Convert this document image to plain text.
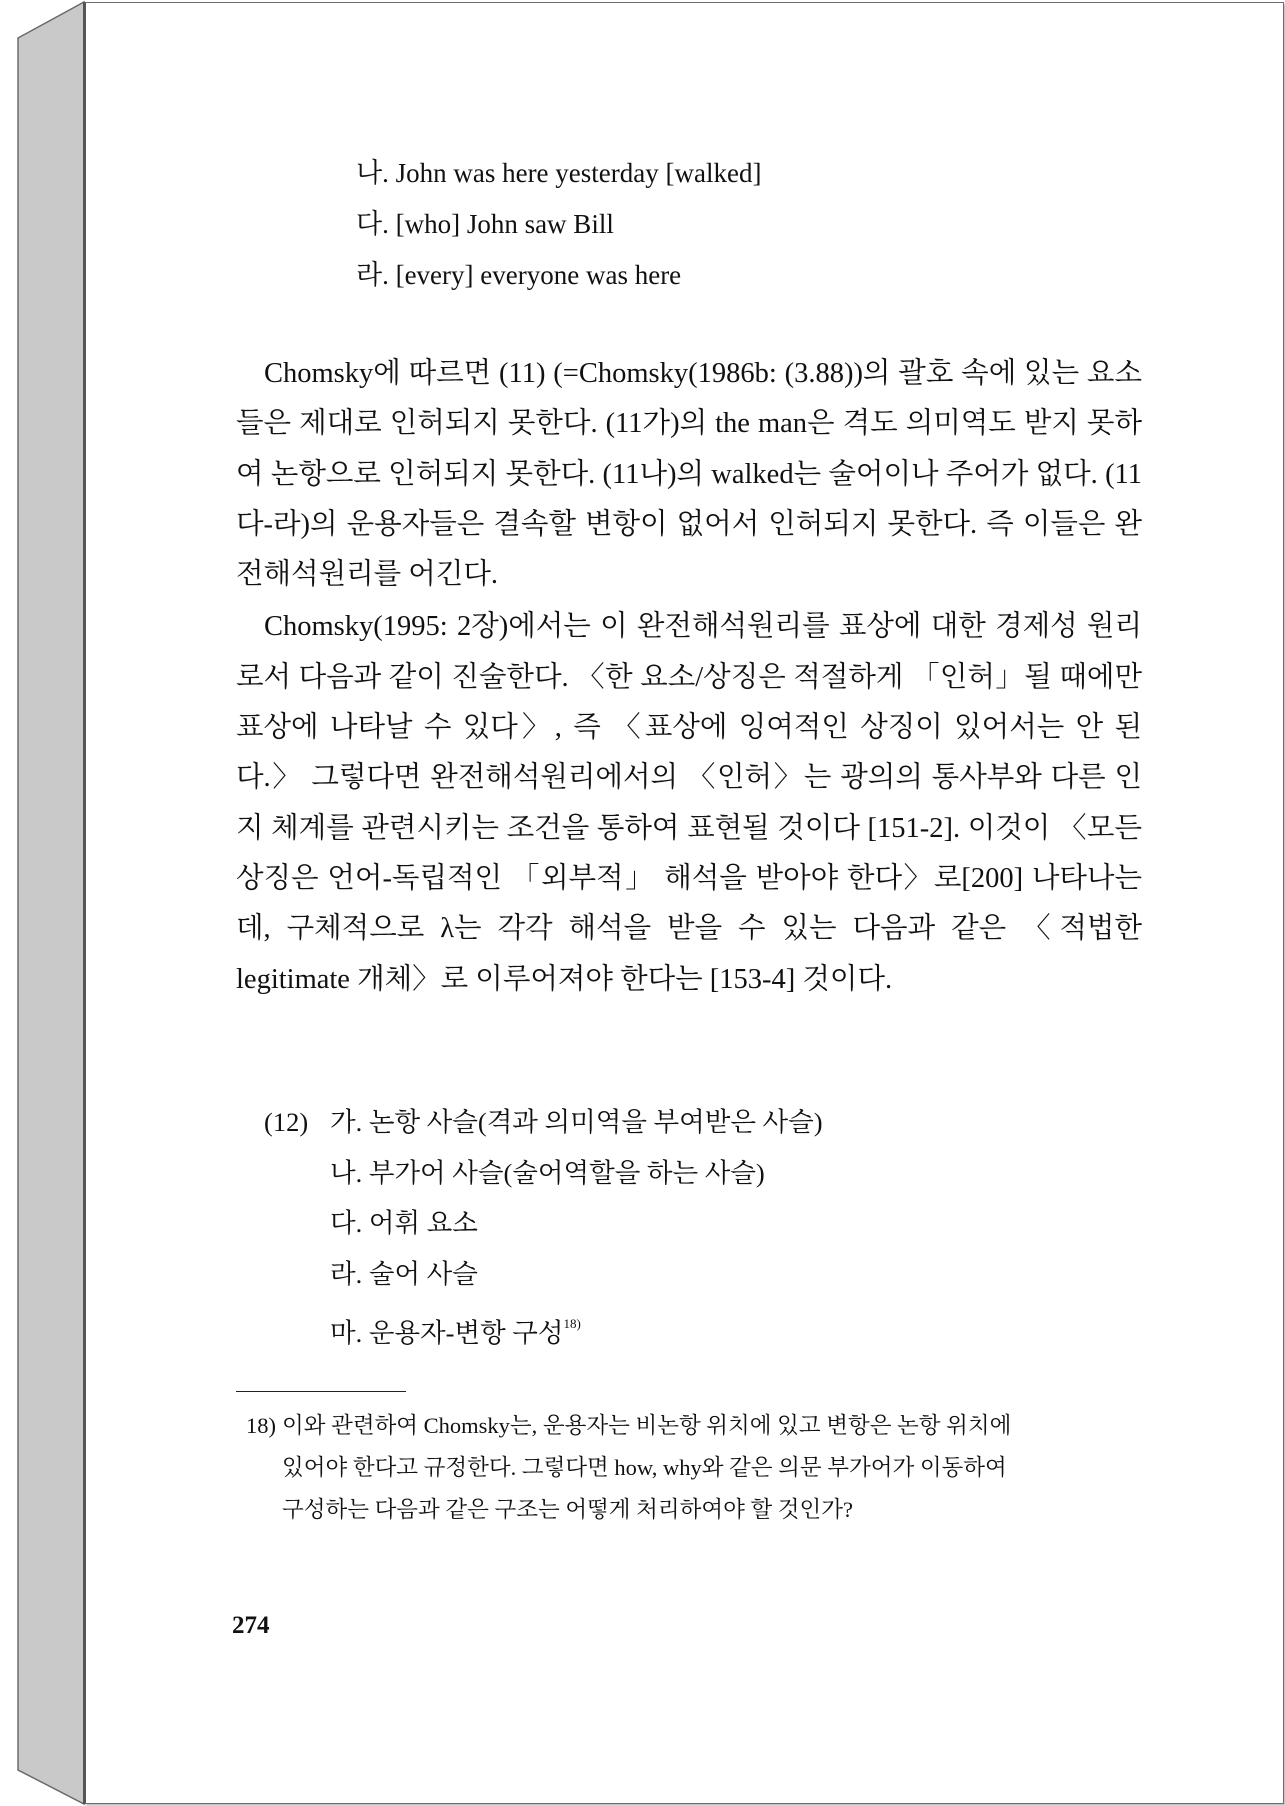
나. John was here yesterday [walked]
다. [who] John saw Bill
라. [every] everyone was here

Chomsky에 따르면 (11) (=Chomsky(1986b: (3.88))의 괄호 속에 있는 요소들은 제대로 인허되지 못한다. (11가)의 the man은 격도 의미역도 받지 못하여 논항으로 인허되지 못한다. (11나)의 walked는 술어이나 주어가 없다. (11다-라)의 운용자들은 결속할 변항이 없어서 인허되지 못한다. 즉 이들은 완전해석원리를 어긴다.

Chomsky(1995: 2장)에서는 이 완전해석원리를 표상에 대한 경제성 원리로서 다음과 같이 진술한다. 〈한 요소/상징은 적절하게 「인허」될 때에만 표상에 나타날 수 있다〉, 즉 〈표상에 잉여적인 상징이 있어서는 안 된다.〉 그렇다면 완전해석원리에서의 〈인허〉는 광의의 통사부와 다른 인지 체계를 관련시키는 조건을 통하여 표현될 것이다 [151-2]. 이것이 〈모든 상징은 언어-독립적인 「외부적」 해석을 받아야 한다〉로[200] 나타나는데, 구체적으로 λ는 각각 해석을 받을 수 있는 다음과 같은 〈적법한 legitimate 개체〉로 이루어져야 한다는 [153-4] 것이다.

(12) 가. 논항 사슬(격과 의미역을 부여받은 사슬)
나. 부가어 사슬(술어역할을 하는 사슬)
다. 어휘 요소
라. 술어 사슬
마. 운용자-변항 구성$^{18)}$
18) 이와 관련하여 Chomsky는, 운용자는 비논항 위치에 있고 변항은 논항 위치에
있어야 한다고 규정한다. 그렇다면 how, why와 같은 의문 부가어가 이동하여
구성하는 다음과 같은 구조는 어떻게 처리하여야 할 것인가?
274
